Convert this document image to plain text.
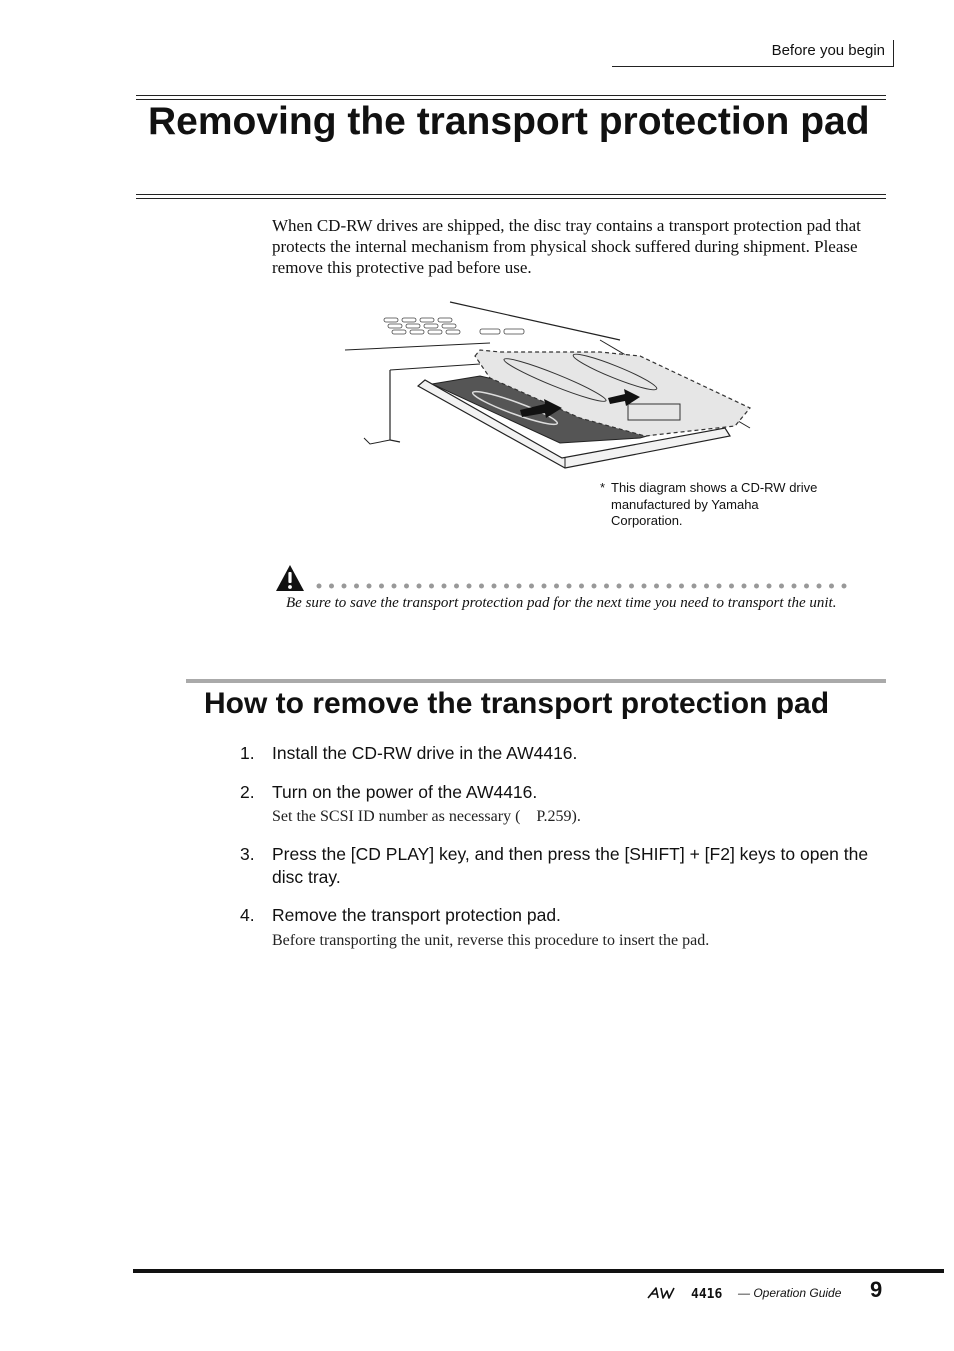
Before you begin
Removing the transport protection pad

When CD-RW drives are shipped, the disc tray contains a transport protection pad that protects the internal mechanism from physical shock suffered during shipment. Please remove this protective pad before use.

* This diagram shows a CD-RW drive manufactured by Yamaha Corporation.

Be sure to save the transport protection pad for the next time you need to transport the unit.

How to remove the transport protection pad
1. Install the CD-RW drive in the AW4416.
2. Turn on the power of the AW4416.

Set the SCSI ID number as necessary (    P.259).

3. Press the [CD PLAY] key, and then press the [SHIFT] + [F2] keys to open the disc tray.
4. Remove the transport protection pad.

Before transporting the unit, reverse this procedure to insert the pad.

4416 — Operation Guide 9
